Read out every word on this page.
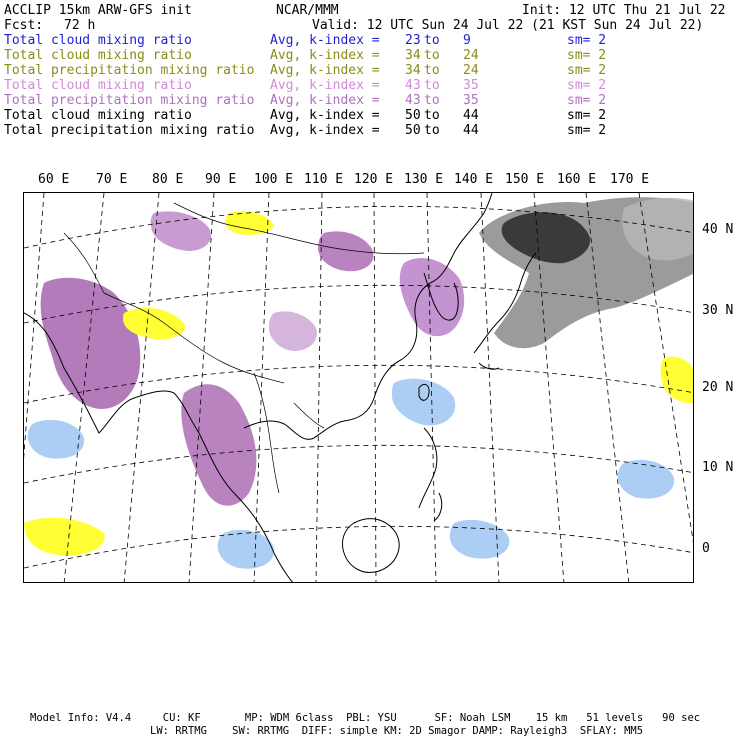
ACCLIP 15km ARW-GFS init	NCAR/MMM	Init: 12 UTC Thu 21 Jul 22
Fcst: 72 h	Valid: 12 UTC Sun 24 Jul 22 (21 KST Sun 24 Jul 22)
Total cloud mixing ratio	Avg, k-index = 23 to 9	sm= 2
Total cloud mixing ratio	Avg, k-index = 34 to 24	sm= 2
Total precipitation mixing ratio Avg, k-index = 34 to 24	sm= 2
Total cloud mixing ratio	Avg, k-index = 43 to 35	sm= 2
Total precipitation mixing ratio Avg, k-index = 43 to 35	sm= 2
Total cloud mixing ratio	Avg, k-index = 50 to 44	sm= 2
Total precipitation mixing ratio Avg, k-index = 50 to 44	sm= 2
60 E 70 E 80 E 90 E 100 E 110 E 120 E 130 E 140 E 150 E 160 E 170 E
40 N
30 N
20 N
10 N
0
Model Info: V4.4     CU: KF       MP: WDM 6class  PBL: YSU      SF: Noah LSM    15 km   51 levels   90 sec
LW: RRTMG    SW: RRTMG  DIFF: simple KM: 2D Smagor DAMP: Rayleigh3  SFLAY: MM5
